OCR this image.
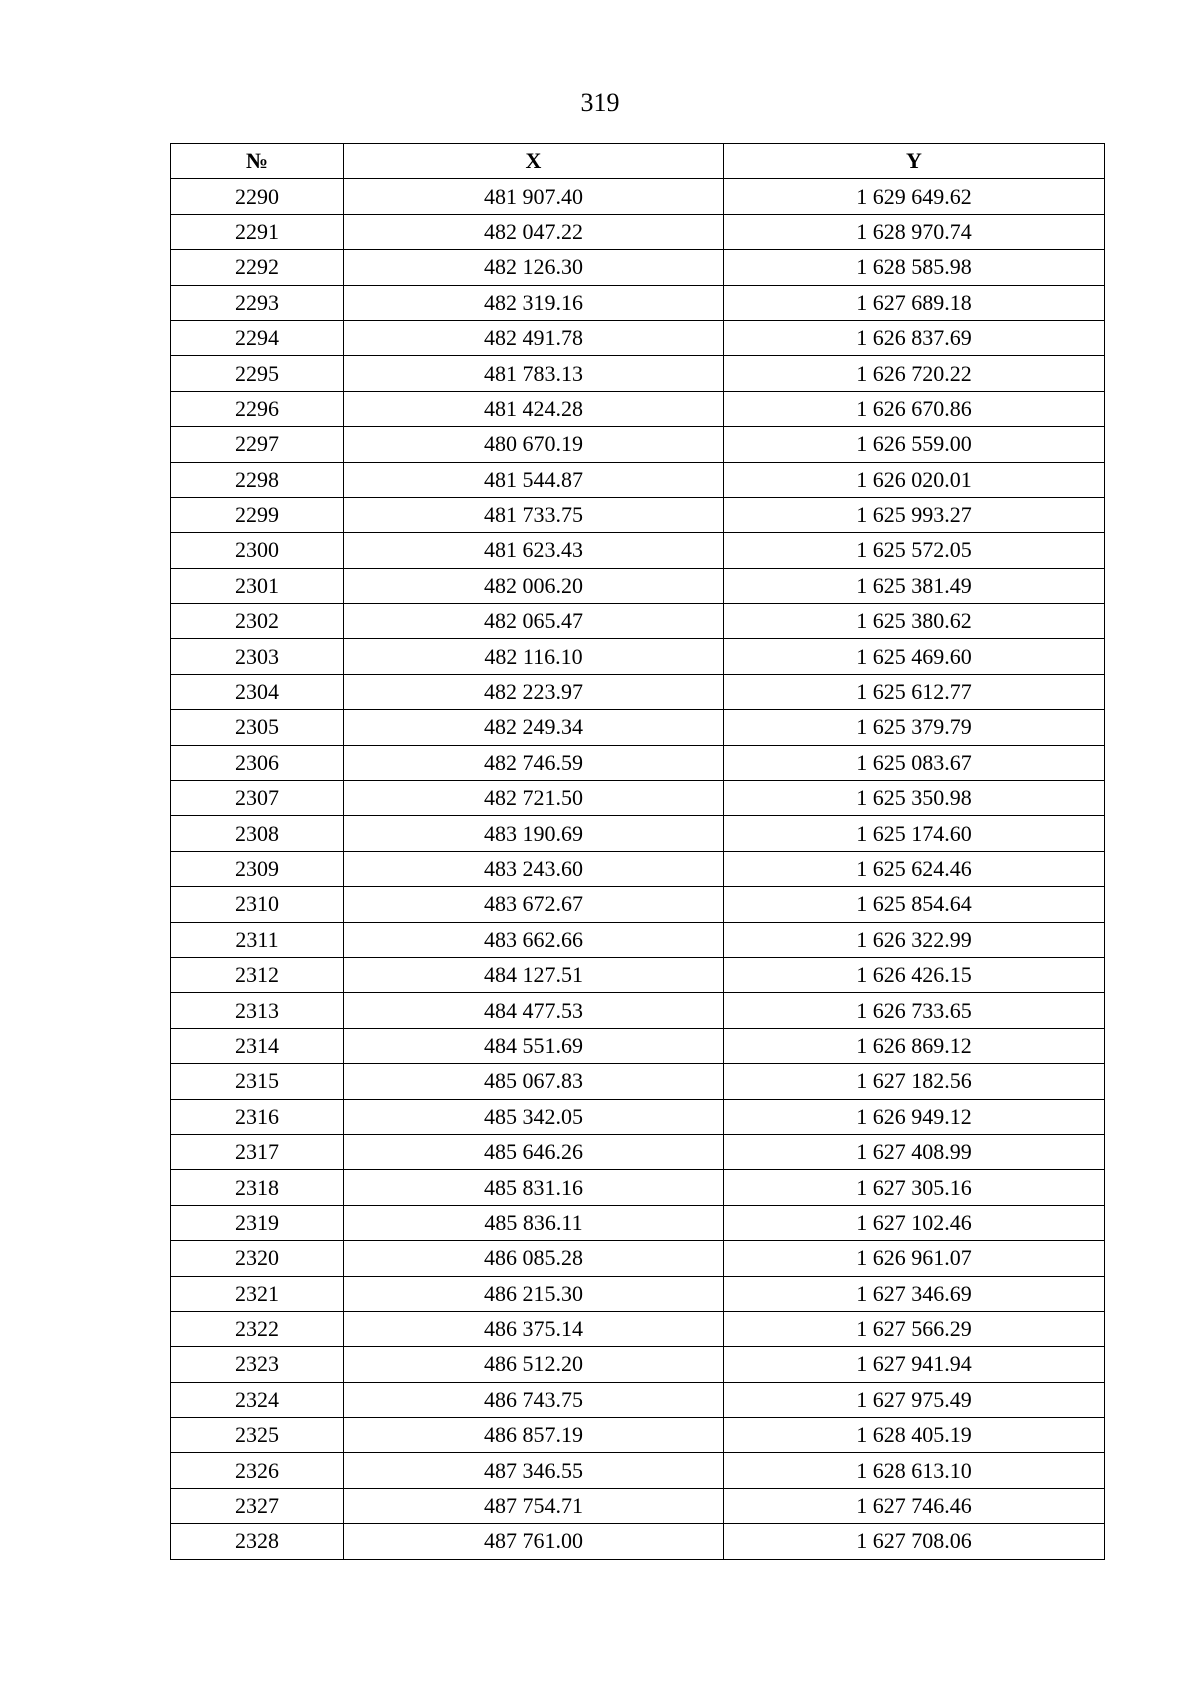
319
№	X	Y
2290	481 907.40	1 629 649.62
2291	482 047.22	1 628 970.74
2292	482 126.30	1 628 585.98
2293	482 319.16	1 627 689.18
2294	482 491.78	1 626 837.69
2295	481 783.13	1 626 720.22
2296	481 424.28	1 626 670.86
2297	480 670.19	1 626 559.00
2298	481 544.87	1 626 020.01
2299	481 733.75	1 625 993.27
2300	481 623.43	1 625 572.05
2301	482 006.20	1 625 381.49
2302	482 065.47	1 625 380.62
2303	482 116.10	1 625 469.60
2304	482 223.97	1 625 612.77
2305	482 249.34	1 625 379.79
2306	482 746.59	1 625 083.67
2307	482 721.50	1 625 350.98
2308	483 190.69	1 625 174.60
2309	483 243.60	1 625 624.46
2310	483 672.67	1 625 854.64
2311	483 662.66	1 626 322.99
2312	484 127.51	1 626 426.15
2313	484 477.53	1 626 733.65
2314	484 551.69	1 626 869.12
2315	485 067.83	1 627 182.56
2316	485 342.05	1 626 949.12
2317	485 646.26	1 627 408.99
2318	485 831.16	1 627 305.16
2319	485 836.11	1 627 102.46
2320	486 085.28	1 626 961.07
2321	486 215.30	1 627 346.69
2322	486 375.14	1 627 566.29
2323	486 512.20	1 627 941.94
2324	486 743.75	1 627 975.49
2325	486 857.19	1 628 405.19
2326	487 346.55	1 628 613.10
2327	487 754.71	1 627 746.46
2328	487 761.00	1 627 708.06
